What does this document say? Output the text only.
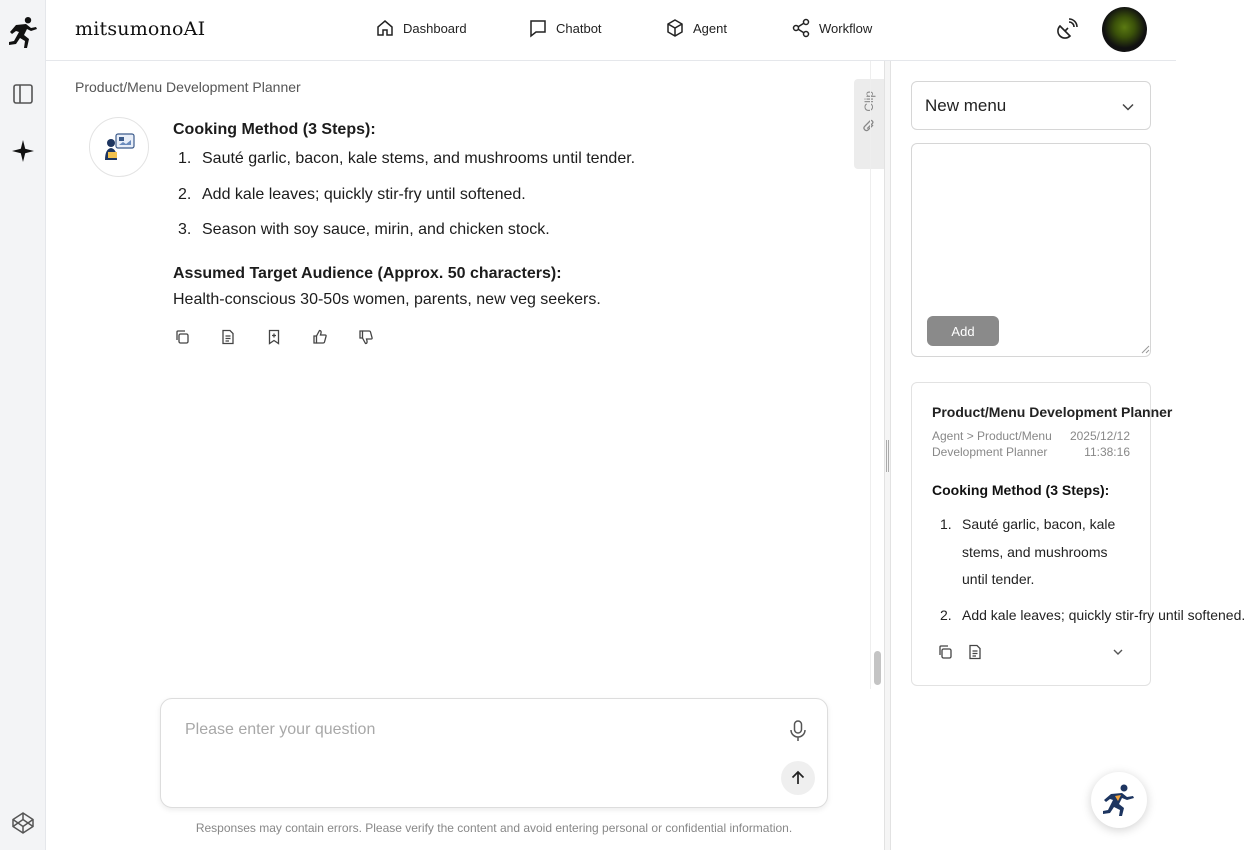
mitsumonoAI	Dashboard	Chatbot	Agent	Workflow
Product/Menu Development Planner
Cooking Method (3 Steps):
1. Sauté garlic, bacon, kale stems, and mushrooms until tender.
2. Add kale leaves; quickly stir-fry until softened.
3. Season with soy sauce, mirin, and chicken stock.
Assumed Target Audience (Approx. 50 characters):
Health-conscious 30-50s women, parents, new veg seekers.
Clip
Please enter your question
Responses may contain errors. Please verify the content and avoid entering personal or confidential information.
New menu
Add
Product/Menu Development Planner
Agent > Product/Menu Development Planner
2025/12/12
11:38:16
Cooking Method (3 Steps):
1. Sauté garlic, bacon, kale stems, and mushrooms until tender.
2. Add kale leaves; quickly stir-fry until softened.
